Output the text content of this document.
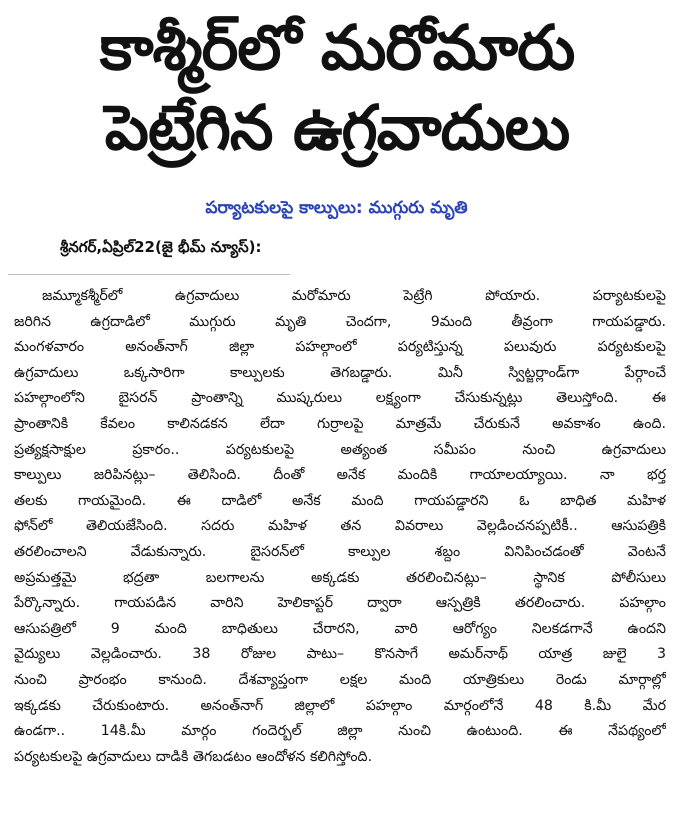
కాశ్మీర్‌లో మరోమారు
పెట్రేగిన ఉగ్రవాదులు
పర్యాటకులపై కాల్పులు: ముగ్గురు మృతి
శ్రీనగర్,ఏప్రిల్22(జై భీమ్ న్యూస్):
జమ్మూకశ్మీర్‌లో ఉగ్రవాదులు మరోమారు పెట్రేగి పోయారు. పర్యాటకులపై
జరిగిన ఉగ్రదాడిలో ముగ్గురు మృతి చెందగా, 9మంది తీవ్రంగా గాయపడ్డారు.
మంగళవారం అనంత్‌నాగ్ జిల్లా పహల్గాంలో పర్యటిస్తున్న పలువురు పర్యటకులపై
ఉగ్రవాదులు ఒక్కసారిగా కాల్పులకు తెగబడ్డారు. మినీ స్విట్జర్లాండ్‌గా పేర్గాంచే
పహల్గాంలోని బైసరన్ ప్రాంతాన్ని ముష్కరులు లక్ష్యంగా చేసుకున్నట్లు తెలుస్తోంది. ఈ
ప్రాంతానికి కేవలం కాలినడకన లేదా గుర్రాలపై మాత్రమే చేరుకునే అవకాశం ఉంది.
ప్రత్యక్షసాక్షుల ప్రకారం.. పర్యటకులపై అత్యంత సమీపం నుంచి ఉగ్రవాదులు
కాల్పులు జరిపినట్లు– తెలిసింది. దీంతో అనేక మందికి గాయాలయ్యాయి. నా భర్త
తలకు గాయమైంది. ఈ దాడిలో అనేక మంది గాయపడ్డారని ఓ బాధిత మహిళ
ఫోన్‌లో తెలియజేసింది. సదరు మహిళ తన వివరాలు వెల్లడించనప్పటికీ.. ఆసుపత్రికి
తరలించాలని వేడుకున్నారు. బైసరన్‌లో కాల్పుల శబ్దం వినిపించడంతో వెంటనే
అప్రమత్తమై భద్రతా బలగాలను అక్కడకు తరలించినట్లు– స్థానిక పోలీసులు
పేర్కొన్నారు. గాయపడిన వారిని హెలికాప్టర్ ద్వారా ఆస్పత్రికి తరలించారు. పహల్గాం
ఆసుపత్రిలో 9 మంది బాధితులు చేరారని, వారి ఆరోగ్యం నిలకడగానే ఉందని
వైద్యులు వెల్లడించారు. 38 రోజుల పాటు– కొనసాగే అమర్‌నాథ్ యాత్ర జులై 3
నుంచి ప్రారంభం కానుంది. దేశవ్యాప్తంగా లక్షల మంది యాత్రికులు రెండు మార్గాల్లో
ఇక్కడకు చేరుకుంటారు. అనంత్‌నాగ్ జిల్లాలో పహల్గాం మార్గంలోనే 48 కి.మీ మేర
ఉండగా.. 14కి.మీ మార్గం గందెర్బల్ జిల్లా నుంచి ఉంటుంది. ఈ నేపథ్యంలో
పర్యటకులపై ఉగ్రవాదులు దాడికి తెగబడటం ఆందోళన కలిగిస్తోంది.
